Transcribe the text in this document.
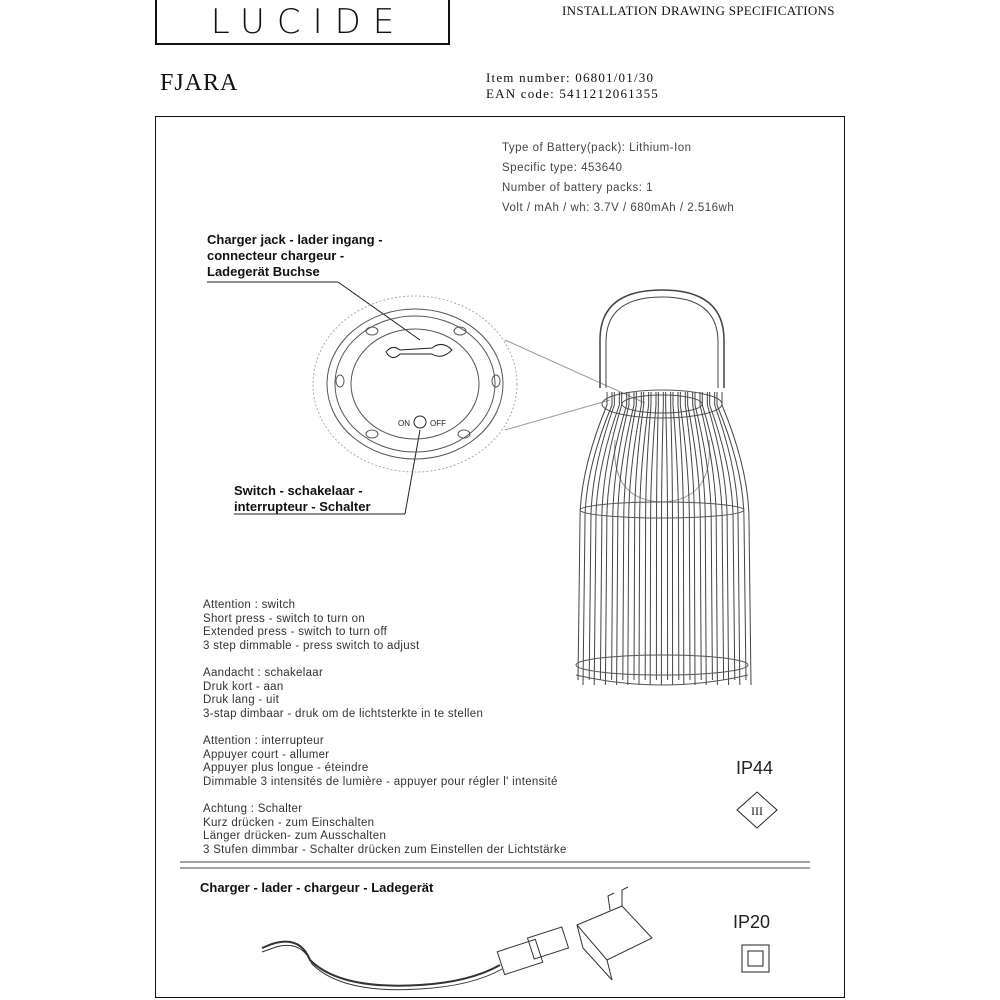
LUCIDE	INSTALLATION DRAWING SPECIFICATIONS
FJARA	Item number: 06801/01/30
EAN code: 5411212061355
Type of Battery(pack): Lithium-Ion
Specific type: 453640
Number of battery packs: 1
Volt / mAh / wh: 3.7V / 680mAh / 2.516wh
Charger jack - lader ingang -
connecteur chargeur -
Ladegerät Buchse
Switch - schakelaar -
interrupteur - Schalter
ON	OFF
III
Attention : switch
Short press - switch to turn on
Extended press - switch to turn off
3 step dimmable - press switch to adjust
Aandacht : schakelaar
Druk kort - aan
Druk lang - uit
3-stap dimbaar - druk om de lichtsterkte in te stellen
Attention : interrupteur
Appuyer court - allumer
Appuyer plus longue - éteindre
Dimmable 3 intensités de lumière - appuyer pour régler l' intensité
Achtung : Schalter
Kurz drücken - zum Einschalten
Länger drücken- zum Ausschalten
3 Stufen dimmbar - Schalter drücken zum Einstellen der Lichtstärke
IP44
IP20
Charger - lader - chargeur - Ladegerät
